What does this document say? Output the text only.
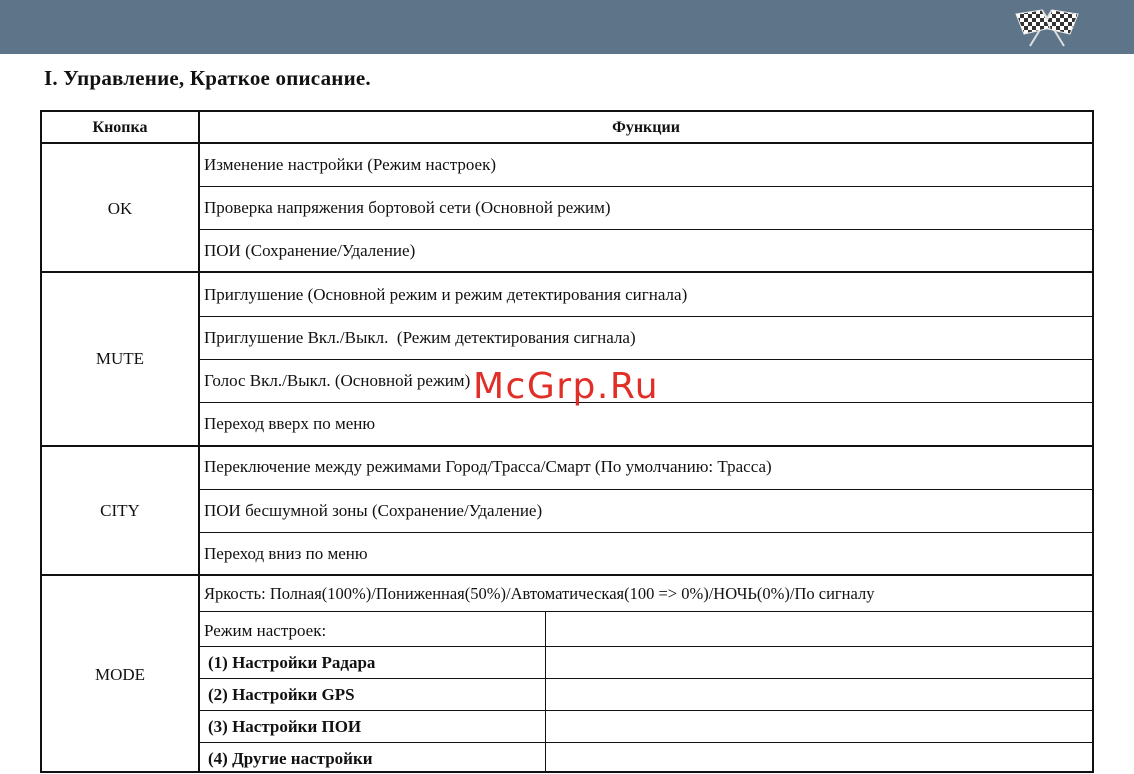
I. Управление, Краткое описание.
Кнопка	Функции
OK
MUTE
CITY
MODE
Изменение настройки (Режим настроек)
Проверка напряжения бортовой сети (Основной режим)
ПОИ (Сохранение/Удаление)
Приглушение (Основной режим и режим детектирования сигнала)
Приглушение Вкл./Выкл.  (Режим детектирования сигнала)
Голос Вкл./Выкл. (Основной режим)
Переход вверх по меню
Переключение между режимами Город/Трасса/Смарт (По умолчанию: Трасса)
ПОИ бесшумной зоны (Сохранение/Удаление)
Переход вниз по меню
Яркость: Полная(100%)/Пониженная(50%)/Автоматическая(100 => 0%)/НОЧЬ(0%)/По сигналу
Режим настроек:
(1) Настройки Радара
(2) Настройки GPS
(3) Настройки ПОИ
(4) Другие настройки
McGrp.Ru
